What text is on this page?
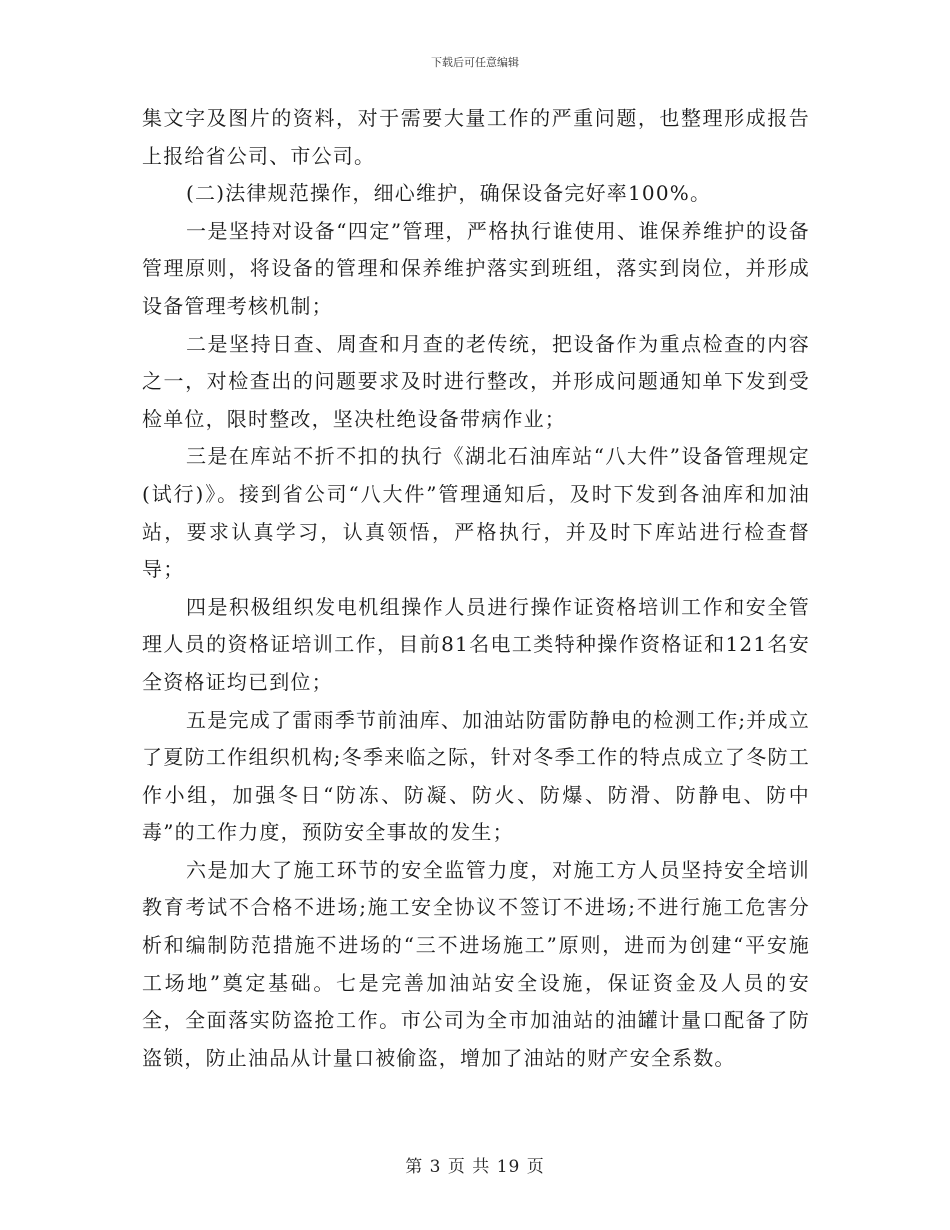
下载后可任意编辑

集文字及图片的资料，对于需要大量工作的严重问题，也整理形成报告上报给省公司、市公司。

(二)法律规范操作，细心维护，确保设备完好率100%。

一是坚持对设备“四定”管理，严格执行谁使用、谁保养维护的设备管理原则，将设备的管理和保养维护落实到班组，落实到岗位，并形成设备管理考核机制；

二是坚持日查、周查和月查的老传统，把设备作为重点检查的内容之一，对检查出的问题要求及时进行整改，并形成问题通知单下发到受检单位，限时整改，坚决杜绝设备带病作业；

三是在库站不折不扣的执行《湖北石油库站“八大件”设备管理规定(试行)》。接到省公司“八大件”管理通知后，及时下发到各油库和加油站，要求认真学习，认真领悟，严格执行，并及时下库站进行检查督导；

四是积极组织发电机组操作人员进行操作证资格培训工作和安全管理人员的资格证培训工作，目前81名电工类特种操作资格证和121名安全资格证均已到位；

五是完成了雷雨季节前油库、加油站防雷防静电的检测工作;并成立了夏防工作组织机构;冬季来临之际，针对冬季工作的特点成立了冬防工作小组，加强冬日“防冻、防凝、防火、防爆、防滑、防静电、防中毒”的工作力度，预防安全事故的发生；

六是加大了施工环节的安全监管力度，对施工方人员坚持安全培训教育考试不合格不进场;施工安全协议不签订不进场;不进行施工危害分析和编制防范措施不进场的“三不进场施工”原则，进而为创建“平安施工场地”奠定基础。七是完善加油站安全设施，保证资金及人员的安全，全面落实防盗抢工作。市公司为全市加油站的油罐计量口配备了防盗锁，防止油品从计量口被偷盗，增加了油站的财产安全系数。

第 3 页 共 19 页
